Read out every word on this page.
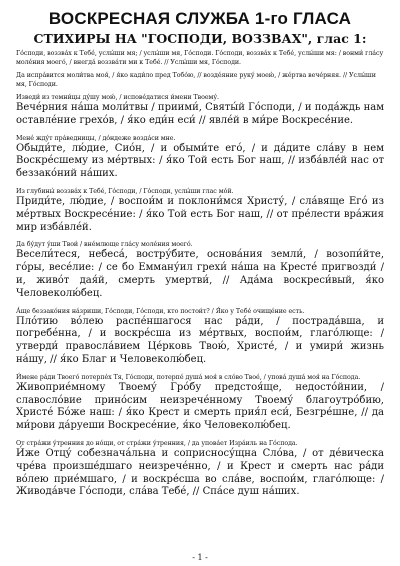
ВОСКРЕСНАЯ СЛУЖБА 1-го ГЛАСА
СТИХИРЫ НА "ГОСПОДИ, ВОЗЗВАХ", глас 1:

Го́споди, воззва́х к Тебе́, услы́ши мя; / услы́ши мя, Го́споди. Го́споди, воззва́х к Тебе́, услы́ши мя: / вонми́ гла́су моле́ния моего́, / внегда́ воззва́ти ми к Тебе́. // Услы́ши мя, Го́споди.

Да испра́вится моли́тва моя́, / я́ко кади́ло пред Тобо́ю, // возде́яние руку́ моею́, / же́ртва вече́рняя. // Услы́ши мя, Го́споди.

Изведи́ из темни́цы ду́шу мою́, / испове́датися и́мени Твоему́.

Вече́рния на́ша моли́твы / приими́, Святы́й Го́споди, / и пода́ждь нам оставле́ние грехо́в, / я́ко еди́н еси́ // явле́й в ми́ре Воскресе́ние.

Мене́ жду́т пра́ведницы, / до́ндеже возда́си мне.

Обыди́те, лю́дие, Сио́н, / и обыми́те его́, / и да́дите сла́ву в нем Воскре́сшему из ме́ртвых: / я́ко Той есть Бог наш, // изба́вле́й нас от беззако́ний на́ших.

Из глубины́ воззва́х к Тебе́, Го́споди, / Го́споди, услы́ши глас мо́й.

Приди́те, лю́дие, / воспои́м и поклони́мся Христу́, / сла́вяще Его́ из ме́ртвых Воскресе́ние: / я́ко Той есть Бог наш, // от пре́лести вра́жия мир изба́вле́й.

Да бу́дут у́ши Твои́ / вне́млюще гла́су моле́ния моего́.

Весели́теся, небеса́, востру́бите, основа́ния земли́, / возопи́йте, го́ры, весе́лие: / се бо Емману́ил грехи́ на́ша на Кресте́ пригвозди́ / и, живо́т дая́й, смерть умертви́, // Ада́ма воскреси́вый, я́ко Человеколю́бец.

А́ще беззако́ния на́зриши, Го́споди, Го́споди, кто постои́т? / Я́ко у Тебе́ очище́ние есть.

Пло́тию во́лею распе́ншагося нас ра́ди, / пострада́вша, и погребе́нна, / и воскре́сша из ме́ртвых, воспои́м, глаго́люще: / утверди́ правосла́вием Це́рковь Твою́, Христе́, / и умири́ жизнь на́шу, // я́ко Благ и Человеколю́бец.

И́мене ра́ди Твоего́ потерпе́х Тя, Го́споди, потерпе́ душа́ моя́ в сло́во Твое́, / упова́ душа́ моя́ на Го́спода.

Живоприе́мному Твоему́ Гро́бу предстоя́ще, недосто́йнии, / славосло́вие прино́сим неизрече́нному Твоему́ благоутро́бию, Христе́ Бо́же наш: / я́ко Крест и смерть прия́л еси́, Безгре́шне, // да ми́рови да́руеши Воскресе́ние, я́ко Человеколю́бец.

От стра́жи у́тренния до но́щи, от стра́жи у́тренния, / да упова́ет Изра́иль на Го́спода.

И́же Отцу́ собезнача́льна и соприсносу́щна Сло́ва, / от де́вическа чре́ва произше́дшаго неизрече́нно, / и Крест и смерть нас ра́ди во́лею прие́мшаго, / и воскре́сша во сла́ве, воспои́м, глаго́люще: / Живода́вче Го́споди, сла́ва Тебе́, // Спа́се душ на́ших.

- 1 -
